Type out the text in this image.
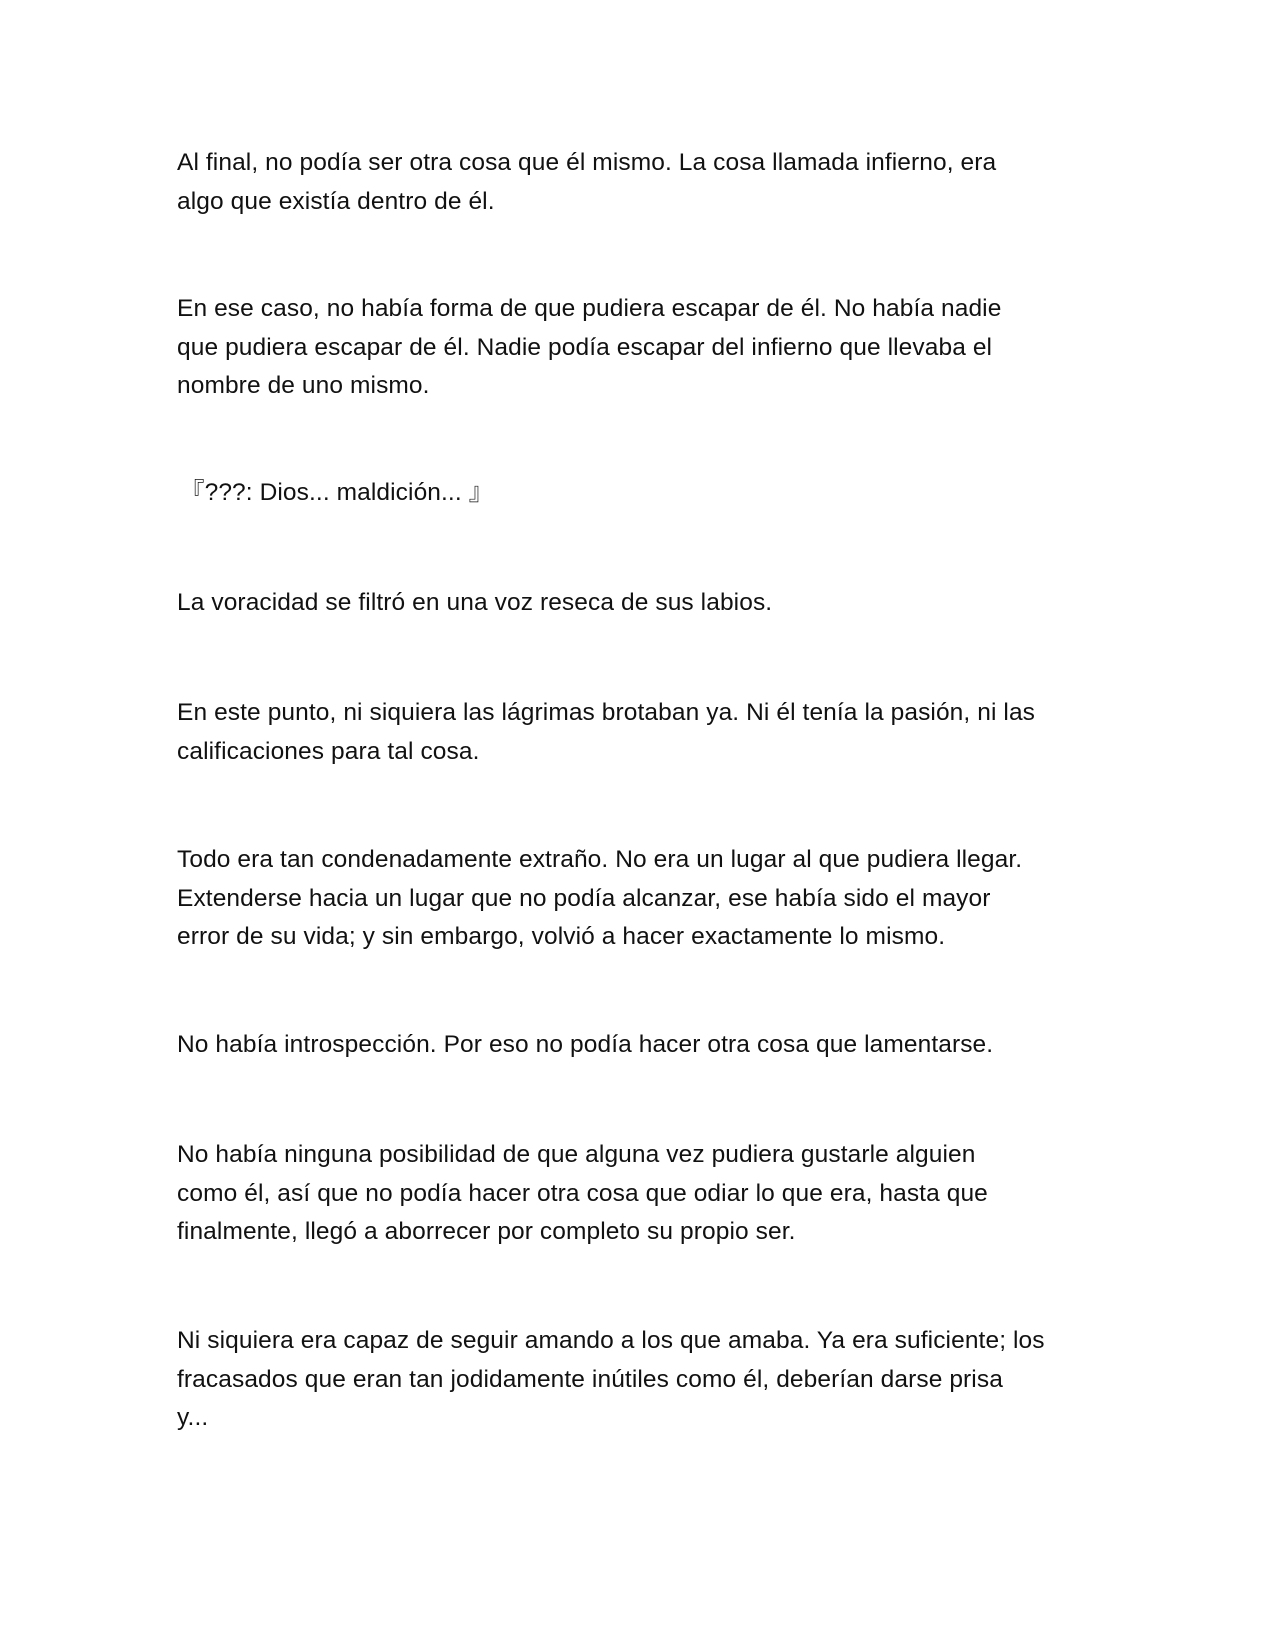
Al final, no podía ser otra cosa que él mismo. La cosa llamada infierno, era
algo que existía dentro de él.

En ese caso, no había forma de que pudiera escapar de él. No había nadie
que pudiera escapar de él. Nadie podía escapar del infierno que llevaba el
nombre de uno mismo.

『???: Dios... maldición... 』

La voracidad se filtró en una voz reseca de sus labios.

En este punto, ni siquiera las lágrimas brotaban ya. Ni él tenía la pasión, ni las
calificaciones para tal cosa.

Todo era tan condenadamente extraño. No era un lugar al que pudiera llegar.
Extenderse hacia un lugar que no podía alcanzar, ese había sido el mayor
error de su vida; y sin embargo, volvió a hacer exactamente lo mismo.

No había introspección. Por eso no podía hacer otra cosa que lamentarse.

No había ninguna posibilidad de que alguna vez pudiera gustarle alguien
como él, así que no podía hacer otra cosa que odiar lo que era, hasta que
finalmente, llegó a aborrecer por completo su propio ser.

Ni siquiera era capaz de seguir amando a los que amaba. Ya era suficiente; los
fracasados que eran tan jodidamente inútiles como él, deberían darse prisa
y...
